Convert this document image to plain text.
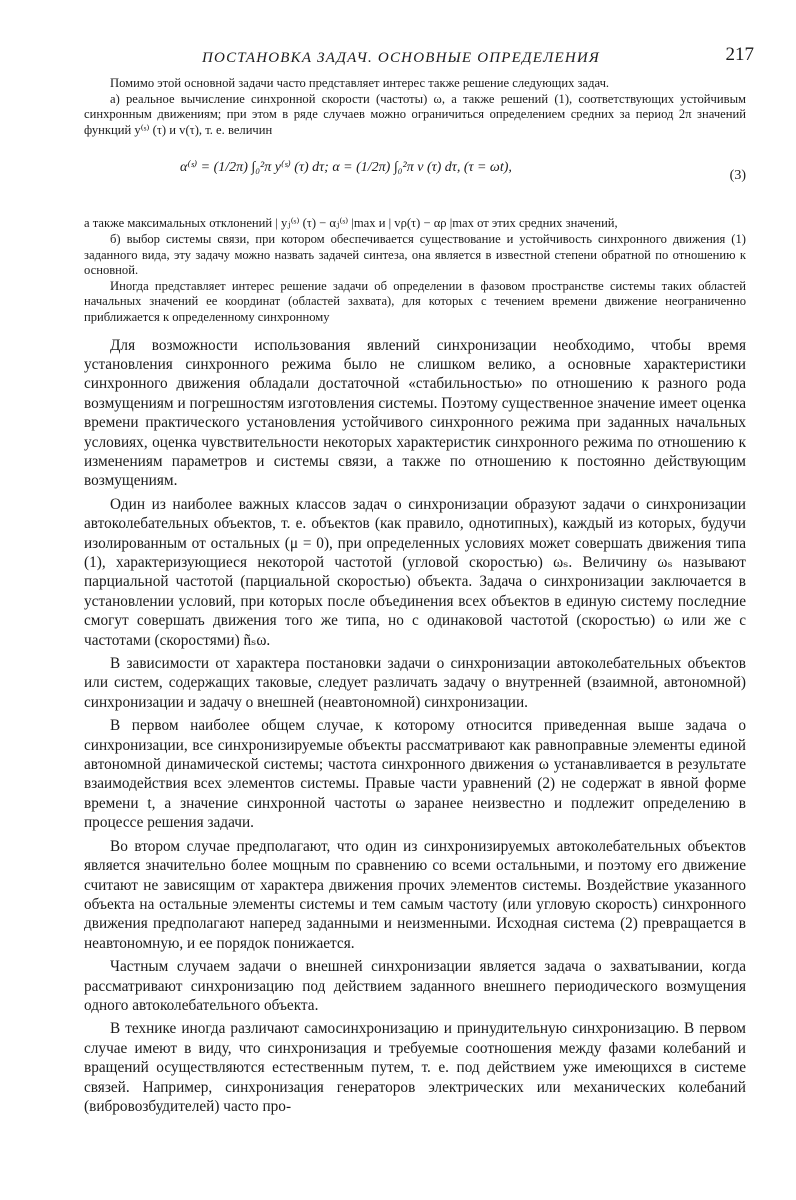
ПОСТАНОВКА ЗАДАЧ. ОСНОВНЫЕ ОПРЕДЕЛЕНИЯ	217

Помимо этой основной задачи часто представляет интерес также решение следующих задач.

а) реальное вычисление синхронной скорости (частоты) ω, а также решений (1), соответствующих устойчивым синхронным движениям; при этом в ряде случаев можно ограничиться определением средних за период 2π значений функций y⁽ˢ⁾ (τ) и v(τ), т. е. величин

α⁽ˢ⁾ = (1/2π) ∫₀²π y⁽ˢ⁾ (τ) dτ; α = (1/2π) ∫₀²π v (τ) dτ, (τ = ωt),
(3)

а также максимальных отклонений | yⱼ⁽ˢ⁾ (τ) − αⱼ⁽ˢ⁾ |max и | vρ(τ) − αρ |max от этих средних значений,

б) выбор системы связи, при котором обеспечивается существование и устойчивость синхронного движения (1) заданного вида, эту задачу можно назвать задачей синтеза, она является в известной степени обратной по отношению к основной.

Иногда представляет интерес решение задачи об определении в фазовом пространстве системы таких областей начальных значений ее координат (областей захвата), для которых с течением времени движение неограниченно приближается к определенному синхронному

Для возможности использования явлений синхронизации необходимо, чтобы время установления синхронного режима было не слишком велико, а основные характеристики синхронного движения обладали достаточной «стабильностью» по отношению к разного рода возмущениям и погрешностям изготовления системы. Поэтому существенное значение имеет оценка времени практического установления устойчивого синхронного режима при заданных начальных условиях, оценка чувствительности некоторых характеристик синхронного режима по отношению к изменениям параметров и системы связи, а также по отношению к постоянно действующим возмущениям.

Один из наиболее важных классов задач о синхронизации образуют задачи о синхронизации автоколебательных объектов, т. е. объектов (как правило, однотипных), каждый из которых, будучи изолированным от остальных (μ = 0), при определенных условиях может совершать движения типа (1), характеризующиеся некоторой частотой (угловой скоростью) ωₛ. Величину ωₛ называют парциальной частотой (парциальной скоростью) объекта. Задача о синхронизации заключается в установлении условий, при которых после объединения всех объектов в единую систему последние смогут совершать движения того же типа, но с одинаковой частотой (скоростью) ω или же с частотами (скоростями) ñₛω.

В зависимости от характера постановки задачи о синхронизации автоколебательных объектов или систем, содержащих таковые, следует различать задачу о внутренней (взаимной, автономной) синхронизации и задачу о внешней (неавтономной) синхронизации.

В первом наиболее общем случае, к которому относится приведенная выше задача о синхронизации, все синхронизируемые объекты рассматривают как равноправные элементы единой автономной динамической системы; частота синхронного движения ω устанавливается в результате взаимодействия всех элементов системы. Правые части уравнений (2) не содержат в явной форме времени t, а значение синхронной частоты ω заранее неизвестно и подлежит определению в процессе решения задачи.

Во втором случае предполагают, что один из синхронизируемых автоколебательных объектов является значительно более мощным по сравнению со всеми остальными, и поэтому его движение считают не зависящим от характера движения прочих элементов системы. Воздействие указанного объекта на остальные элементы системы и тем самым частоту (или угловую скорость) синхронного движения предполагают наперед заданными и неизменными. Исходная система (2) превращается в неавтономную, и ее порядок понижается.

Частным случаем задачи о внешней синхронизации является задача о захватывании, когда рассматривают синхронизацию под действием заданного внешнего периодического возмущения одного автоколебательного объекта.

В технике иногда различают самосинхронизацию и принудительную синхронизацию. В первом случае имеют в виду, что синхронизация и требуемые соотношения между фазами колебаний и вращений осуществляются естественным путем, т. е. под действием уже имеющихся в системе связей. Например, синхронизация генераторов электрических или механических колебаний (вибровозбудителей) часто про-
